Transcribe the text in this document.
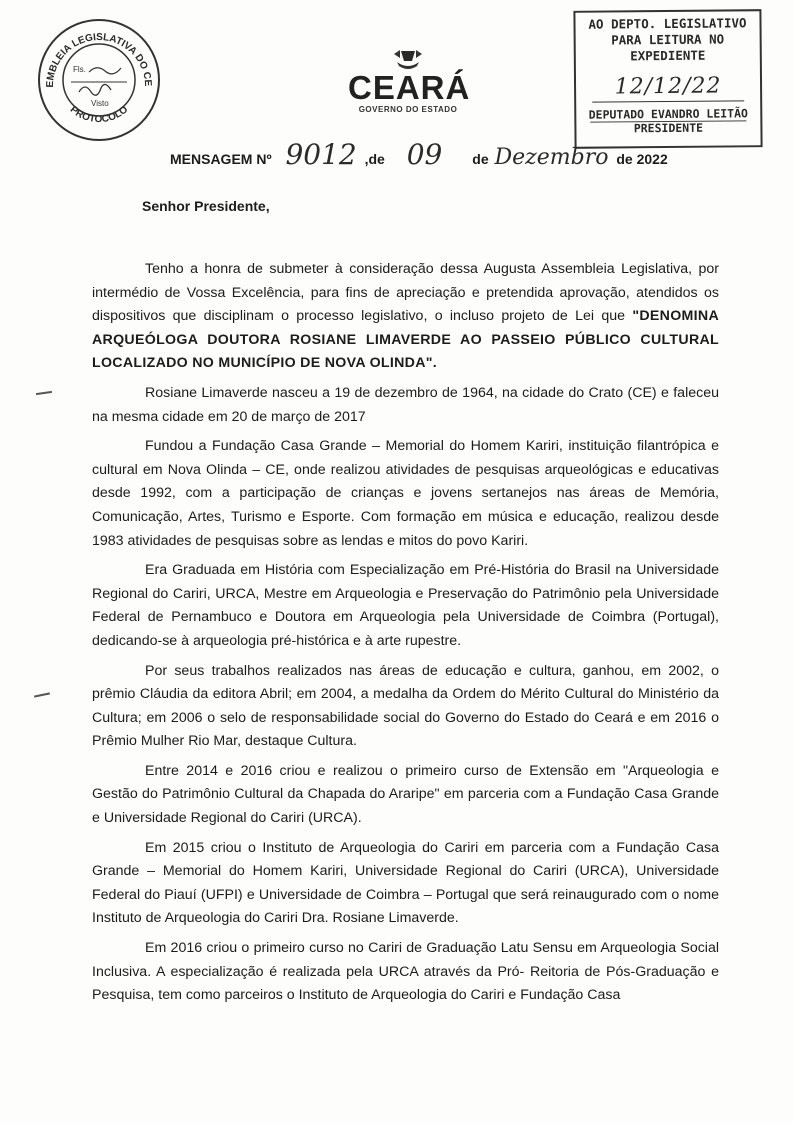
EMBLEIA LEGISLATIVA DO CE
PROTOCOLO
Fls.
Visto	CEARÁ
GOVERNO DO ESTADO
AO DEPTO. LEGISLATIVO
PARA LEITURA NO EXPEDIENTE
12/12/22
DEPUTADO EVANDRO LEITÃO
PRESIDENTE
MENSAGEM Nº 9012 ,de 09 de Dezembro de 2022
Senhor Presidente,

Tenho a honra de submeter à consideração dessa Augusta Assembleia Legislativa, por intermédio de Vossa Excelência, para fins de apreciação e pretendida aprovação, atendidos os dispositivos que disciplinam o processo legislativo, o incluso projeto de Lei que "DENOMINA ARQUEÓLOGA DOUTORA ROSIANE LIMAVERDE AO PASSEIO PÚBLICO CULTURAL LOCALIZADO NO MUNICÍPIO DE NOVA OLINDA".

Rosiane Limaverde nasceu a 19 de dezembro de 1964, na cidade do Crato (CE) e faleceu na mesma cidade em 20 de março de 2017

Fundou a Fundação Casa Grande – Memorial do Homem Kariri, instituição filantrópica e cultural em Nova Olinda – CE, onde realizou atividades de pesquisas arqueológicas e educativas desde 1992, com a participação de crianças e jovens sertanejos nas áreas de Memória, Comunicação, Artes, Turismo e Esporte. Com formação em música e educação, realizou desde 1983 atividades de pesquisas sobre as lendas e mitos do povo Kariri.

Era Graduada em História com Especialização em Pré-História do Brasil na Universidade Regional do Cariri, URCA, Mestre em Arqueologia e Preservação do Patrimônio pela Universidade Federal de Pernambuco e Doutora em Arqueologia pela Universidade de Coimbra (Portugal), dedicando-se à arqueologia pré-histórica e à arte rupestre.

Por seus trabalhos realizados nas áreas de educação e cultura, ganhou, em 2002, o prêmio Cláudia da editora Abril; em 2004, a medalha da Ordem do Mérito Cultural do Ministério da Cultura; em 2006 o selo de responsabilidade social do Governo do Estado do Ceará e em 2016 o Prêmio Mulher Rio Mar, destaque Cultura.

Entre 2014 e 2016 criou e realizou o primeiro curso de Extensão em "Arqueologia e Gestão do Patrimônio Cultural da Chapada do Araripe" em parceria com a Fundação Casa Grande e Universidade Regional do Cariri (URCA).

Em 2015 criou o Instituto de Arqueologia do Cariri em parceria com a Fundação Casa Grande – Memorial do Homem Kariri, Universidade Regional do Cariri (URCA), Universidade Federal do Piauí (UFPI) e Universidade de Coimbra – Portugal que será reinaugurado com o nome Instituto de Arqueologia do Cariri Dra. Rosiane Limaverde.

Em 2016 criou o primeiro curso no Cariri de Graduação Latu Sensu em Arqueologia Social Inclusiva. A especialização é realizada pela URCA através da Pró- Reitoria de Pós-Graduação e Pesquisa, tem como parceiros o Instituto de Arqueologia do Cariri e Fundação Casa
